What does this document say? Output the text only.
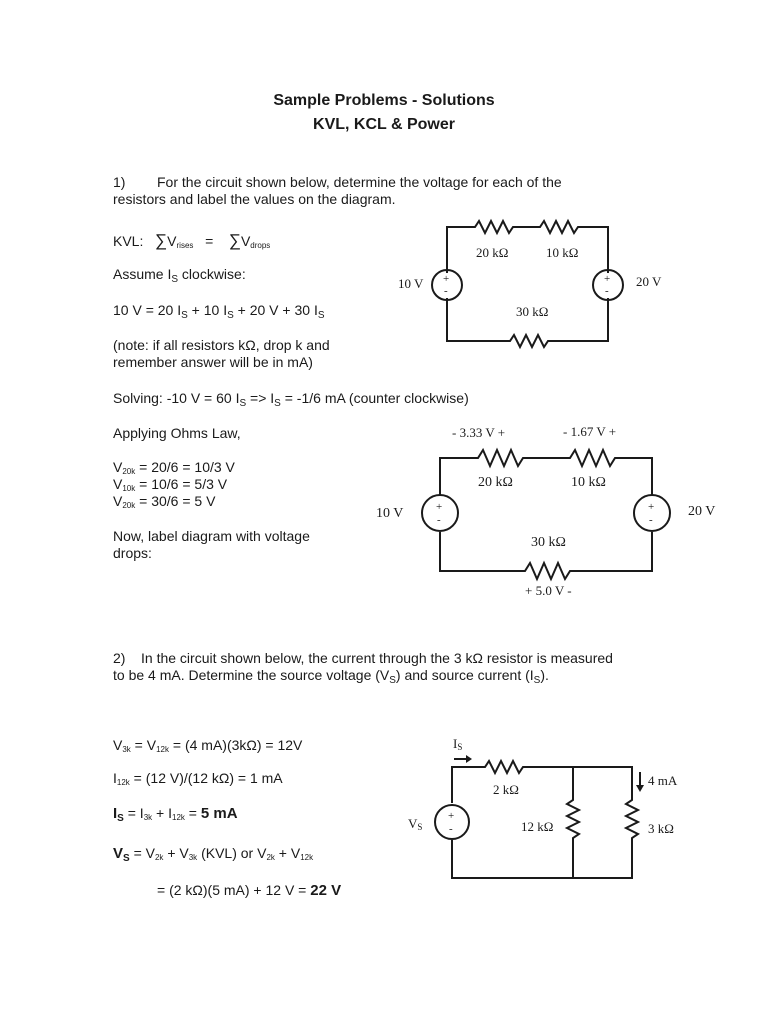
Sample Problems - Solutions
KVL, KCL & Power
1) For the circuit shown below, determine the voltage for each of the
resistors and label the values on the diagram.
KVL: $\sum V_{rises} = \sum V_{drops}$
Assume $I_S$ clockwise:
10 V = 20 $I_S + 10$ $I_S + 20$ V + 30 $I_S$
(note: if all resistors kΩ, drop k and
remember answer will be in mA)
Solving: -10 V = 60 $I_S => I_S = -1/6$ mA (counter clockwise)
Applying Ohms Law,
$V_{20k} = 20/6 = 10/3$ V
$V_{10k} = 10/6 = 5/3$ V
$V_{20k} = 30/6 = 5$ V
Now, label diagram with voltage
drops:
+
-
+
-
20 kΩ	10 kΩ
30 kΩ
10 V	20 V
+
-
+
-
20 kΩ	10 kΩ
30 kΩ
10 V	20 V
- 3.33 V +	- 1.67 V +
+ 5.0 V -
2) In the circuit shown below, the current through the 3 kΩ resistor is measured
to be 4 mA. Determine the source voltage $(V_S)$ and source current $(I_S)$.
$V_{3k} = V_{12k} = (4$ mA)(3kΩ) = 12V
$I_{12k} = (12$ V)/(12 kΩ) = 1 mA
$I_S = I_{3k} + I_{12k} = 5$ mA
$V_S = V_{2k} + V_{3k}$ (KVL) or $V_{2k} + V_{12k}$
= (2 kΩ)(5 mA) + 12 V = 22 V
+
-
IS
2 kΩ
12 kΩ	3 kΩ
4 mA
VS
